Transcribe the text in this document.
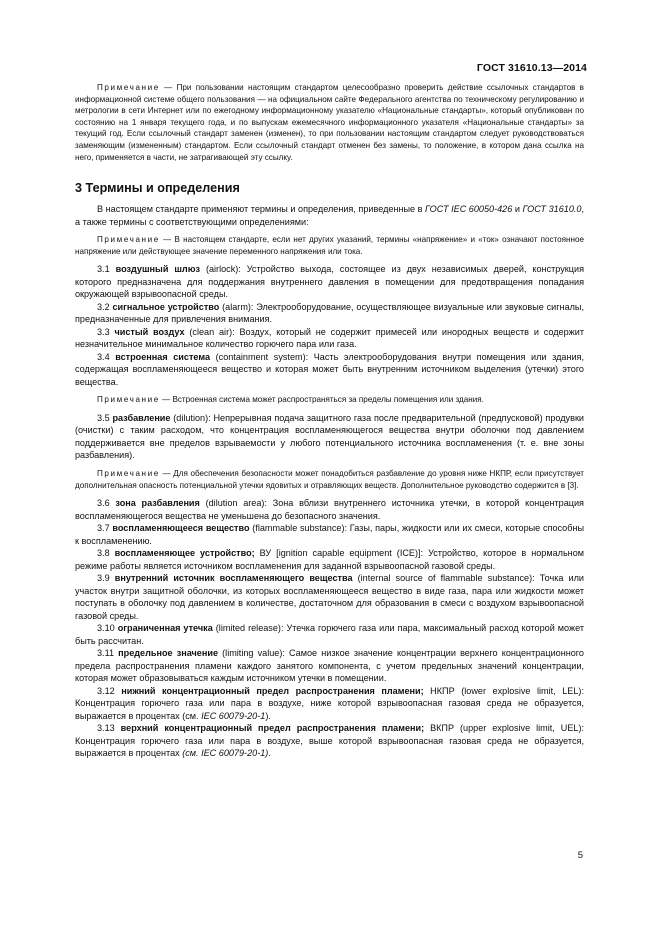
ГОСТ 31610.13—2014

Примечание — При пользовании настоящим стандартом целесообразно проверить действие ссылочных стандартов в информационной системе общего пользования — на официальном сайте Федерального агентства по техническому регулированию и метрологии в сети Интернет или по ежегодному информационному указателю «Национальные стандарты», который опубликован по состоянию на 1 января текущего года, и по выпускам ежемесячного информационного указателя «Национальные стандарты» за текущий год. Если ссылочный стандарт заменен (изменен), то при пользовании настоящим стандартом следует руководствоваться заменяющим (измененным) стандартом. Если ссылочный стандарт отменен без замены, то положение, в котором дана ссылка на него, применяется в части, не затрагивающей эту ссылку.

3 Термины и определения

В настоящем стандарте применяют термины и определения, приведенные в ГОСТ IEC 60050-426 и ГОСТ 31610.0, а также термины с соответствующими определениями:

Примечание — В настоящем стандарте, если нет других указаний, термины «напряжение» и «ток» означают постоянное напряжение или действующее значение переменного напряжения или тока.

3.1 воздушный шлюз (airlock): Устройство выхода, состоящее из двух независимых дверей, конструкция которого предназначена для поддержания внутреннего давления в помещении для предотвращения попадания окружающей взрывоопасной среды.

3.2 сигнальное устройство (alarm): Электрооборудование, осуществляющее визуальные или звуковые сигналы, предназначенные для привлечения внимания.

3.3 чистый воздух (clean air): Воздух, который не содержит примесей или инородных веществ и содержит незначительное минимальное количество горючего пара или газа.

3.4 встроенная система (containment system): Часть электрооборудования внутри помещения или здания, содержащая воспламеняющееся вещество и которая может быть внутренним источником выделения (утечки) этого вещества.

Примечание — Встроенная система может распространяться за пределы помещения или здания.

3.5 разбавление (dilution): Непрерывная подача защитного газа после предварительной (предпусковой) продувки (очистки) с таким расходом, что концентрация воспламеняющегося вещества внутри оболочки под давлением поддерживается вне пределов взрываемости у любого потенциального источника воспламенения (т. е. вне зоны разбавления).

Примечание — Для обеспечения безопасности может понадобиться разбавление до уровня ниже НКПР, если присутствует дополнительная опасность потенциальной утечки ядовитых и отравляющих веществ. Дополнительное руководство содержится в [3].

3.6 зона разбавления (dilution area): Зона вблизи внутреннего источника утечки, в которой концентрация воспламеняющегося вещества не уменьшена до безопасного значения.

3.7 воспламеняющееся вещество (flammable substance): Газы, пары, жидкости или их смеси, которые способны к воспламенению.

3.8 воспламеняющее устройство; ВУ [ignition capable equipment (ICE)]: Устройство, которое в нормальном режиме работы является источником воспламенения для заданной взрывоопасной газовой среды.

3.9 внутренний источник воспламеняющего вещества (internal source of flammable substance): Точка или участок внутри защитной оболочки, из которых воспламеняющееся вещество в виде газа, пара или жидкости может поступать в оболочку под давлением в количестве, достаточном для образования в смеси с воздухом взрывоопасной газовой среды.

3.10 ограниченная утечка (limited release): Утечка горючего газа или пара, максимальный расход которой может быть рассчитан.

3.11 предельное значение (limiting value): Самое низкое значение концентрации верхнего концентрационного предела распространения пламени каждого занятого компонента, с учетом предельных значений концентрации, которая может образовываться каждым источником утечки в помещении.

3.12 нижний концентрационный предел распространения пламени; НКПР (lower explosive limit, LEL): Концентрация горючего газа или пара в воздухе, ниже которой взрывоопасная газовая среда не образуется, выражается в процентах (см. IEC 60079-20-1).

3.13 верхний концентрационный предел распространения пламени; ВКПР (upper explosive limit, UEL): Концентрация горючего газа или пара в воздухе, выше которой взрывоопасная газовая среда не образуется, выражается в процентах (см. IEC 60079-20-1).

5
